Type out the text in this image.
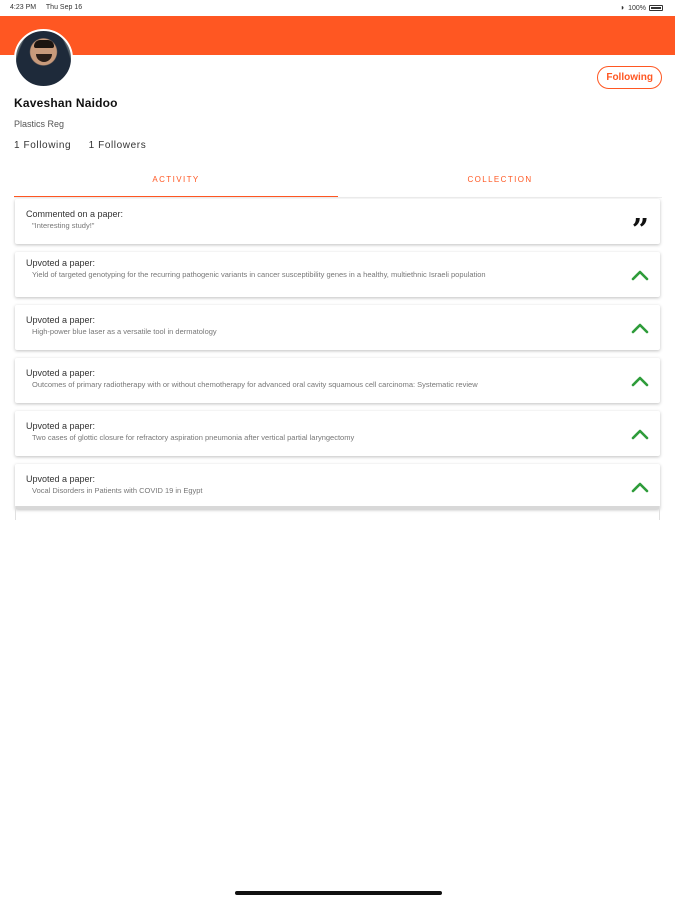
4:23 PM Thu Sep 16	◗ 100%
Following
Kaveshan Naidoo
Plastics Reg
1 Following 1 Followers
ACTIVITY	COLLECTION
Commented on a paper:
"Interesting study!"	”
Upvoted a paper:
Yield of targeted genotyping for the recurring pathogenic variants in cancer susceptibility genes in a healthy, multiethnic Israeli population
Upvoted a paper:
High-power blue laser as a versatile tool in dermatology
Upvoted a paper:
Outcomes of primary radiotherapy with or without chemotherapy for advanced oral cavity squamous cell carcinoma: Systematic review
Upvoted a paper:
Two cases of glottic closure for refractory aspiration pneumonia after vertical partial laryngectomy
Upvoted a paper:
Vocal Disorders in Patients with COVID 19 in Egypt
